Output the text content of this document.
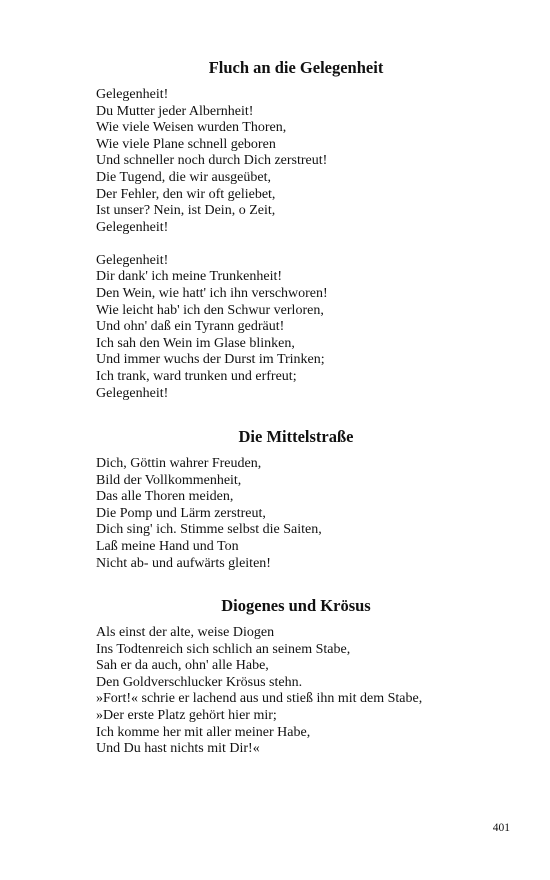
Fluch an die Gelegenheit
Gelegenheit!
Du Mutter jeder Albernheit!
Wie viele Weisen wurden Thoren,
Wie viele Plane schnell geboren
Und schneller noch durch Dich zerstreut!
Die Tugend, die wir ausgeübet,
Der Fehler, den wir oft geliebet,
Ist unser? Nein, ist Dein, o Zeit,
Gelegenheit!
Gelegenheit!
Dir dank' ich meine Trunkenheit!
Den Wein, wie hatt' ich ihn verschworen!
Wie leicht hab' ich den Schwur verloren,
Und ohn' daß ein Tyrann gedräut!
Ich sah den Wein im Glase blinken,
Und immer wuchs der Durst im Trinken;
Ich trank, ward trunken und erfreut;
Gelegenheit!
Die Mittelstraße
Dich, Göttin wahrer Freuden,
Bild der Vollkommenheit,
Das alle Thoren meiden,
Die Pomp und Lärm zerstreut,
Dich sing' ich. Stimme selbst die Saiten,
Laß meine Hand und Ton
Nicht ab- und aufwärts gleiten!
Diogenes und Krösus
Als einst der alte, weise Diogen
Ins Todtenreich sich schlich an seinem Stabe,
Sah er da auch, ohn' alle Habe,
Den Goldverschlucker Krösus stehn.
»Fort!« schrie er lachend aus und stieß ihn mit dem Stabe,
»Der erste Platz gehört hier mir;
Ich komme her mit aller meiner Habe,
Und Du hast nichts mit Dir!«
401
